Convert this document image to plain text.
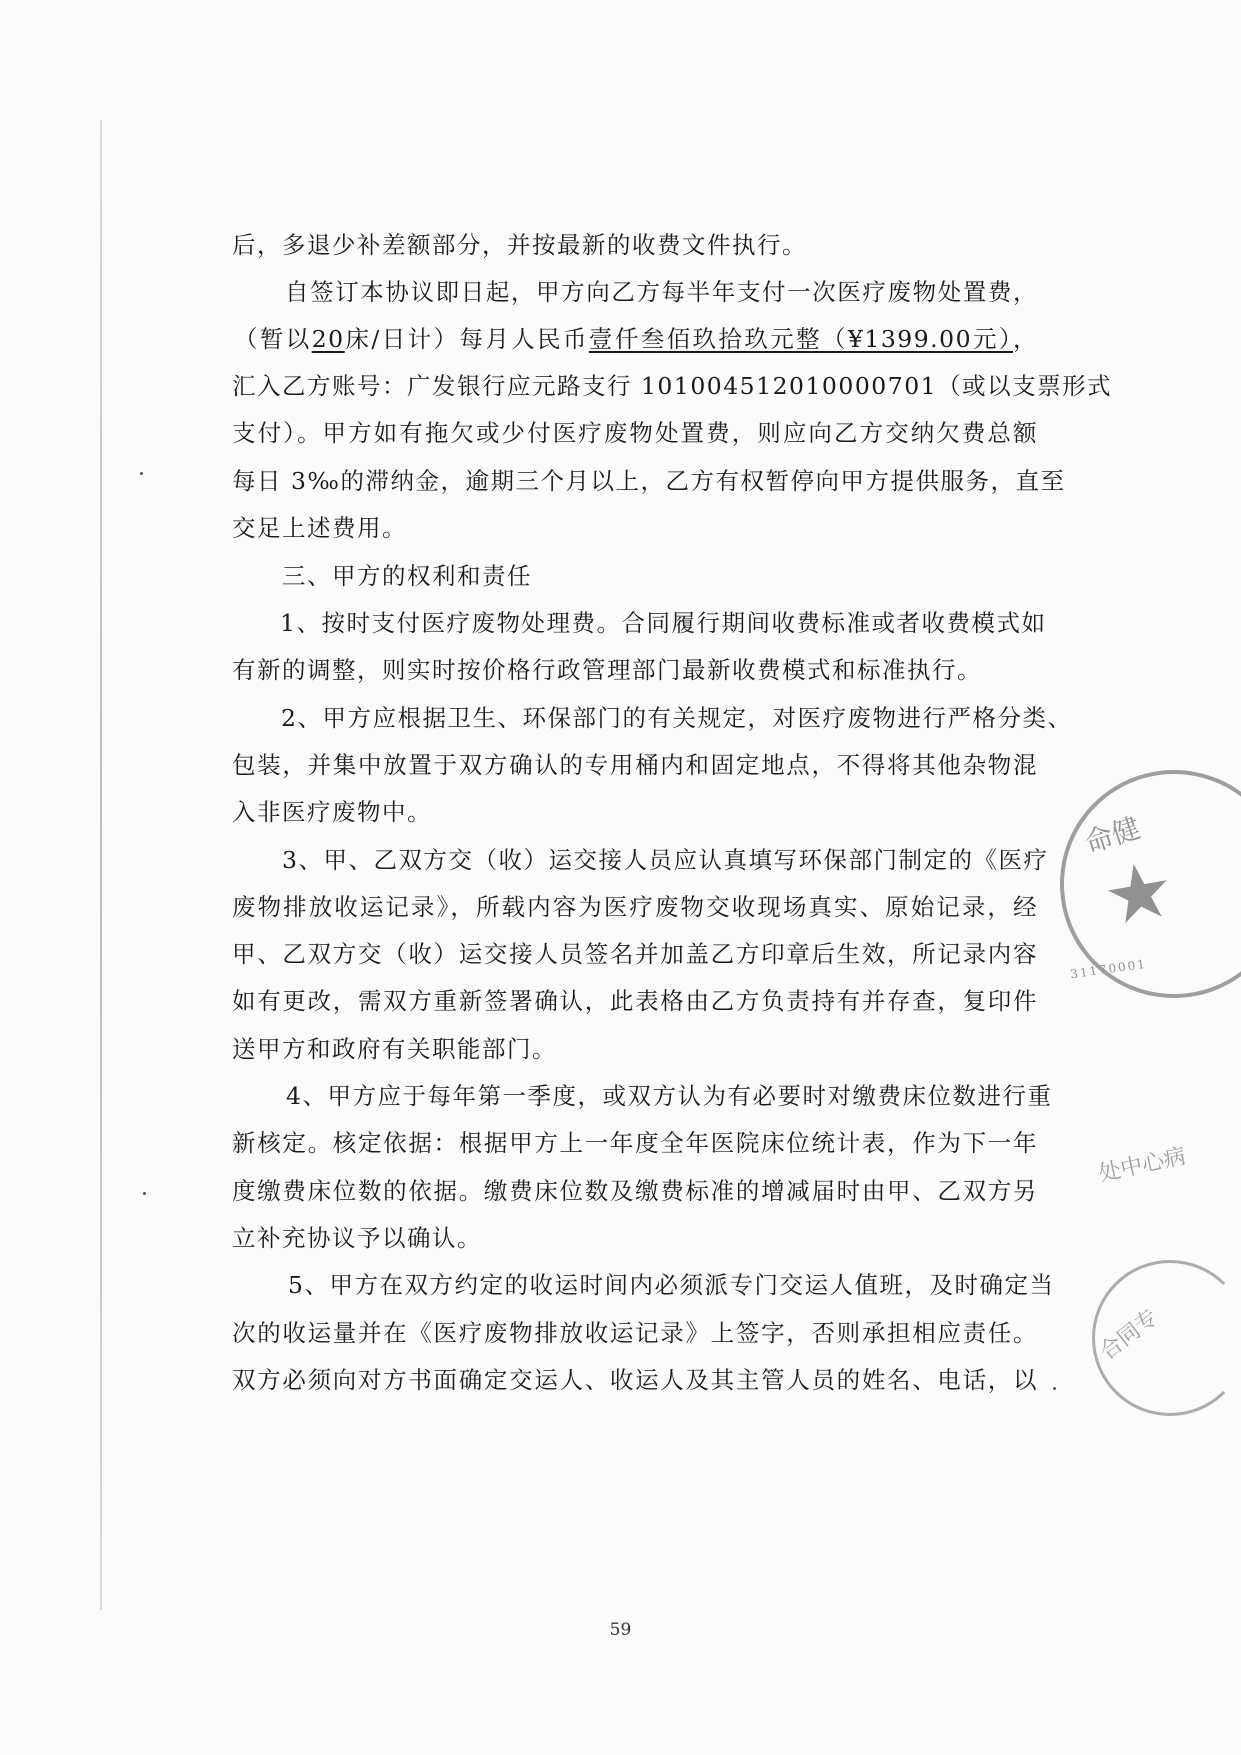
后，多退少补差额部分，并按最新的收费文件执行。
自签订本协议即日起，甲方向乙方每半年支付一次医疗废物处置费，
（暂以20床/日计）每月人民币壹仟叁佰玖拾玖元整（¥1399.00元），
汇入乙方账号：广发银行应元路支行 101004512010000701（或以支票形式
支付）。甲方如有拖欠或少付医疗废物处置费，则应向乙方交纳欠费总额
每日 3‰的滞纳金，逾期三个月以上，乙方有权暂停向甲方提供服务，直至
交足上述费用。
三、甲方的权利和责任
1、按时支付医疗废物处理费。合同履行期间收费标准或者收费模式如
有新的调整，则实时按价格行政管理部门最新收费模式和标准执行。
2、甲方应根据卫生、环保部门的有关规定，对医疗废物进行严格分类、
包装，并集中放置于双方确认的专用桶内和固定地点，不得将其他杂物混
入非医疗废物中。
3、甲、乙双方交（收）运交接人员应认真填写环保部门制定的《医疗
废物排放收运记录》，所载内容为医疗废物交收现场真实、原始记录，经
甲、乙双方交（收）运交接人员签名并加盖乙方印章后生效，所记录内容
如有更改，需双方重新签署确认，此表格由乙方负责持有并存查，复印件
送甲方和政府有关职能部门。
4、甲方应于每年第一季度，或双方认为有必要时对缴费床位数进行重
新核定。核定依据：根据甲方上一年度全年医院床位统计表，作为下一年
度缴费床位数的依据。缴费床位数及缴费标准的增减届时由甲、乙双方另
立补充协议予以确认。
5、甲方在双方约定的收运时间内必须派专门交运人值班，及时确定当
次的收运量并在《医疗废物排放收运记录》上签字，否则承担相应责任。
双方必须向对方书面确定交运人、收运人及其主管人员的姓名、电话，以
59
命健
★
31170001
处中心病
合同专
